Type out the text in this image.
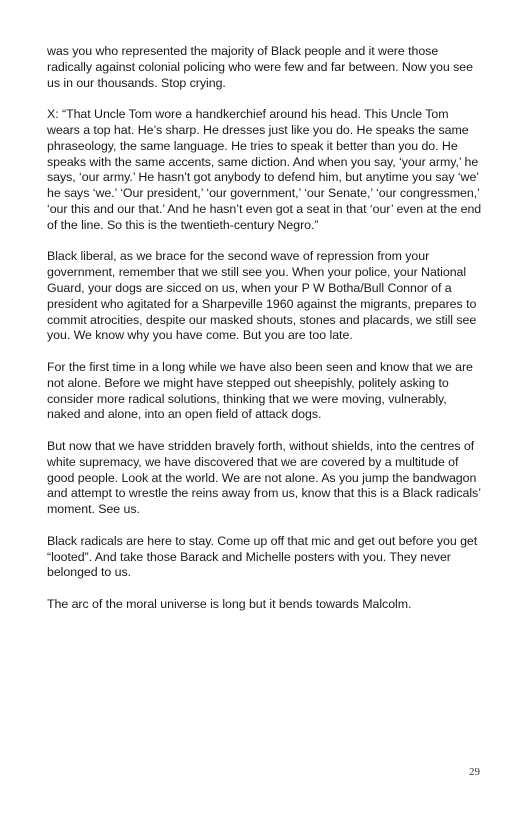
was you who represented the majority of Black people and it were those radically against colonial policing who were few and far between. Now you see us in our thousands. Stop crying.

X: “That Uncle Tom wore a handkerchief around his head. This Uncle Tom wears a top hat. He’s sharp. He dresses just like you do. He speaks the same phraseology, the same language. He tries to speak it better than you do. He speaks with the same accents, same diction. And when you say, ‘your army,’ he says, ‘our army.’ He hasn’t got anybody to defend him, but anytime you say ‘we’ he says ‘we.’ ‘Our president,’ ‘our government,’ ‘our Senate,’ ‘our congressmen,’ ‘our this and our that.’ And he hasn’t even got a seat in that ‘our’ even at the end of the line. So this is the twentieth-century Negro.”

Black liberal, as we brace for the second wave of repression from your government, remember that we still see you. When your police, your National Guard, your dogs are sicced on us, when your P W Botha/Bull Connor of a president who agitated for a Sharpeville 1960 against the migrants, prepares to commit atrocities, despite our masked shouts, stones and placards, we still see you. We know why you have come. But you are too late.

For the first time in a long while we have also been seen and know that we are not alone. Before we might have stepped out sheepishly, politely asking to consider more radical solutions, thinking that we were moving, vulnerably, naked and alone, into an open field of attack dogs.

But now that we have stridden bravely forth, without shields, into the centres of white supremacy, we have discovered that we are covered by a multitude of good people. Look at the world. We are not alone. As you jump the bandwagon and attempt to wrestle the reins away from us, know that this is a Black radicals’ moment. See us.

Black radicals are here to stay. Come up off that mic and get out before you get “looted”. And take those Barack and Michelle posters with you. They never belonged to us.

The arc of the moral universe is long but it bends towards Malcolm.

29
